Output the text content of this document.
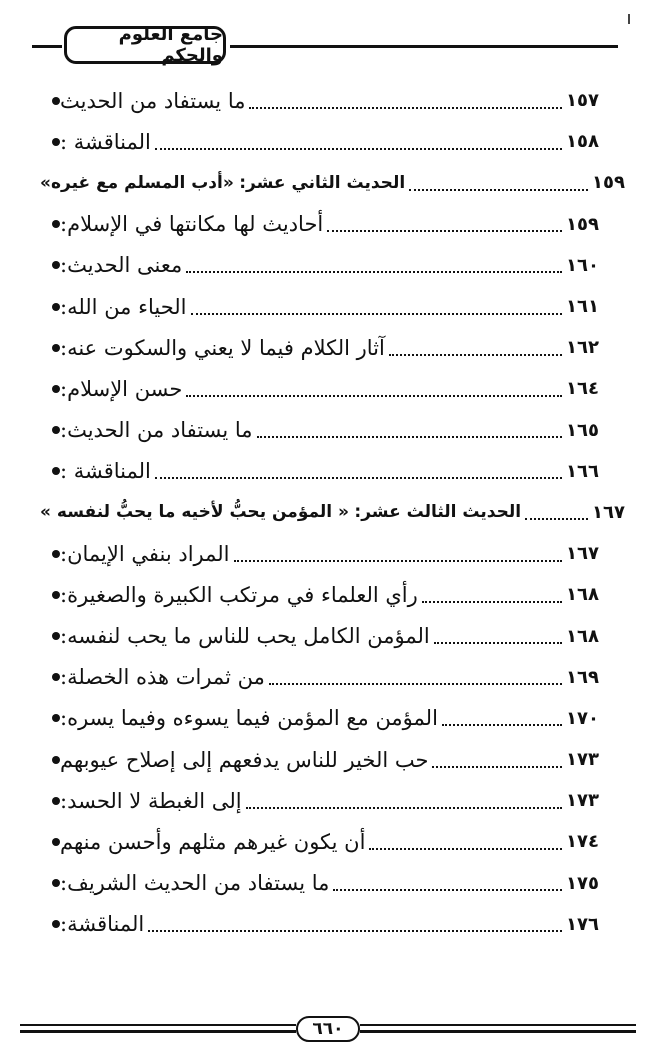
جامع العلوم والحكم
ما يستفاد من الحديث	١٥٧
المناقشة :	١٥٨
الحديث الثاني عشر: «أدب المسلم مع غيره»	١٥٩
أحاديث لها مكانتها في الإسلام:	١٥٩
معنى الحديث:	١٦٠
الحياء من الله:	١٦١
آثار الكلام فيما لا يعني والسكوت عنه:	١٦٢
حسن الإسلام:	١٦٤
ما يستفاد من الحديث:	١٦٥
المناقشة :	١٦٦
الحديث الثالث عشر: « المؤمن يحبُّ لأخيه ما يحبُّ لنفسه »	١٦٧
المراد بنفي الإيمان:	١٦٧
رأي العلماء في مرتكب الكبيرة والصغيرة:	١٦٨
المؤمن الكامل يحب للناس ما يحب لنفسه:	١٦٨
من ثمرات هذه الخصلة:	١٦٩
المؤمن مع المؤمن فيما يسوءه وفيما يسره:	١٧٠
حب الخير للناس يدفعهم إلى إصلاح عيوبهم	١٧٣
إلى الغبطة لا الحسد:	١٧٣
أن يكون غيرهم مثلهم وأحسن منهم	١٧٤
ما يستفاد من الحديث الشريف:	١٧٥
المناقشة:	١٧٦
٦٦٠
